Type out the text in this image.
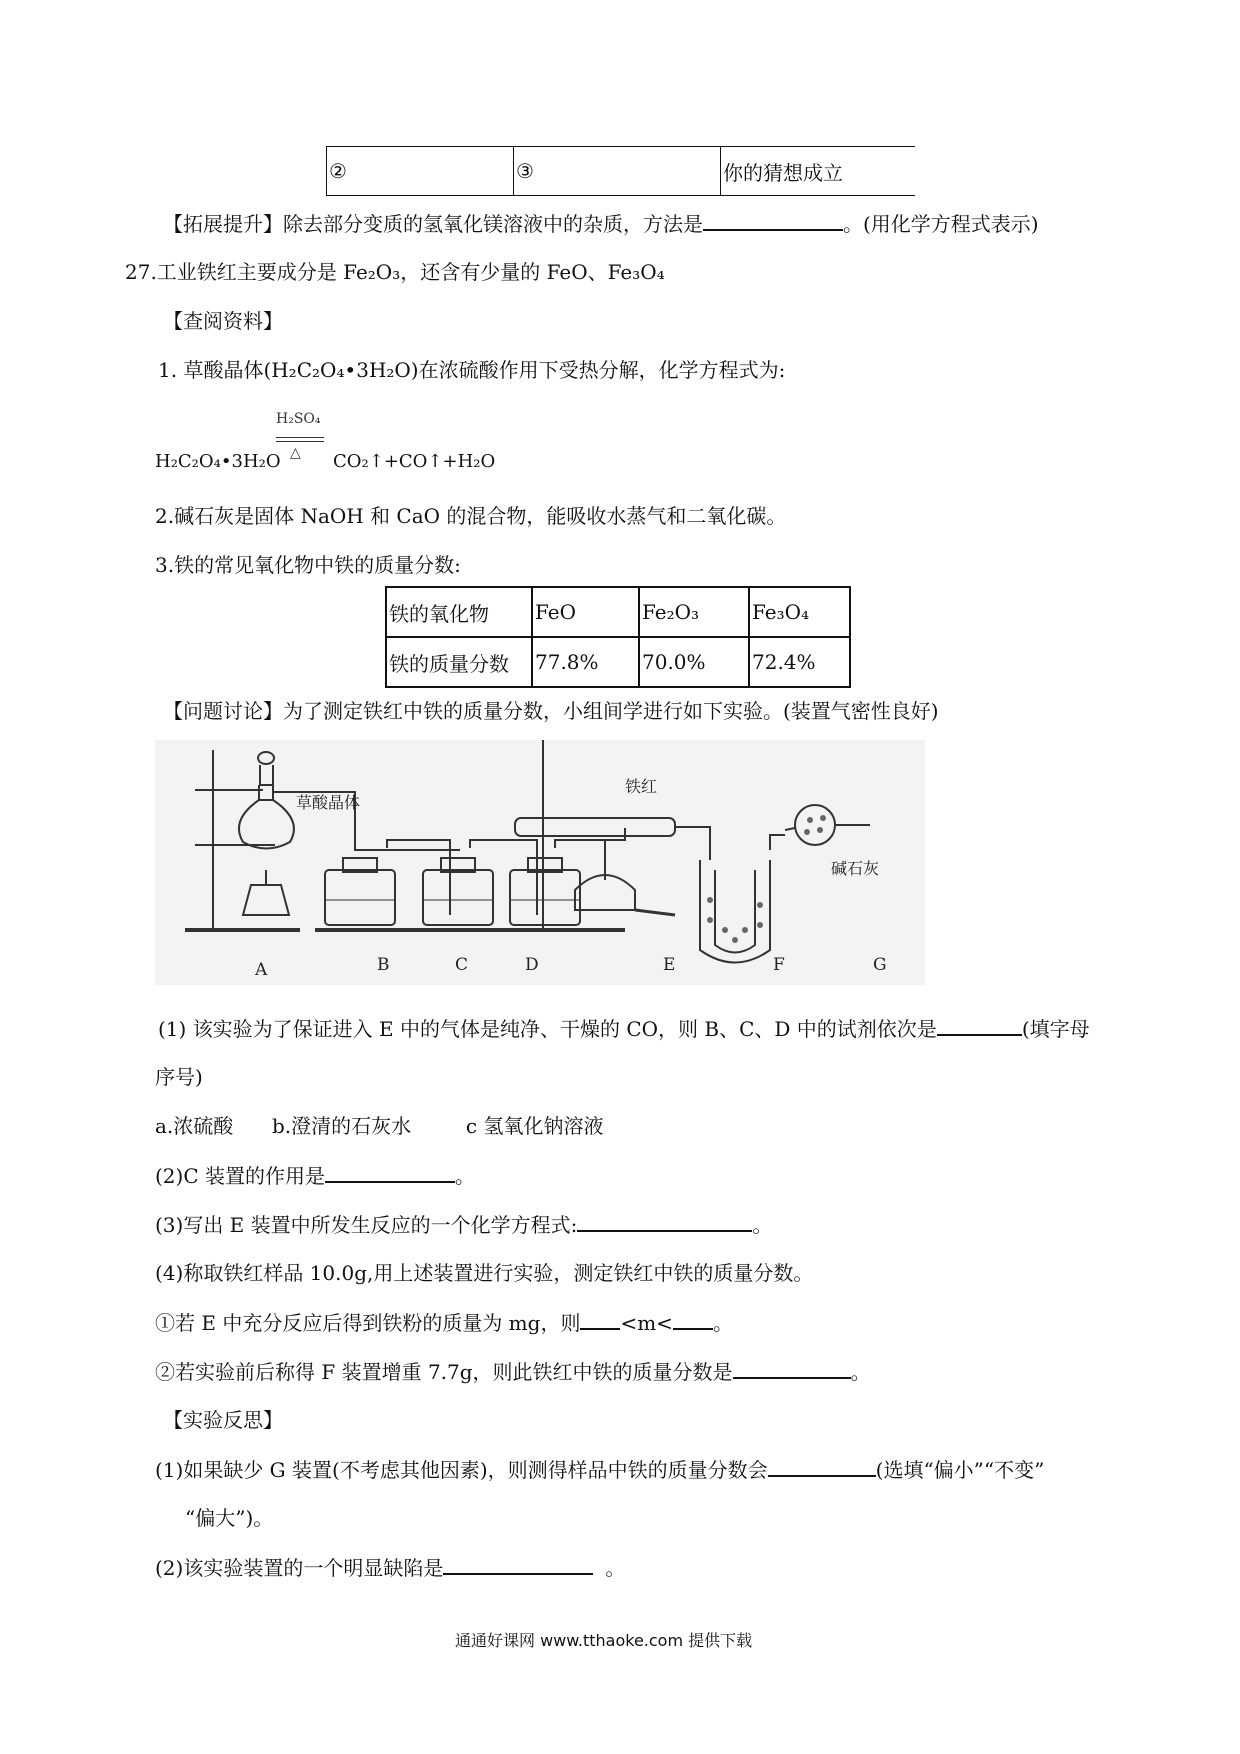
②	③	你的猜想成立
【拓展提升】除去部分变质的氢氧化镁溶液中的杂质，方法是	。(用化学方程式表示)
27.工业铁红主要成分是 Fe₂O₃，还含有少量的 FeO、Fe₃O₄
【查阅资料】
1. 草酸晶体(H₂C₂O₄•3H₂O)在浓硫酸作用下受热分解，化学方程式为:
H₂SO₄
△
H₂C₂O₄•3H₂O	CO₂↑+CO↑+H₂O
2.碱石灰是固体 NaOH 和 CaO 的混合物，能吸收水蒸气和二氧化碳。
3.铁的常见氧化物中铁的质量分数:
铁的氧化物	FeO	Fe₂O₃	Fe₃O₄
铁的质量分数	77.8%	70.0%	72.4%
【问题讨论】为了测定铁红中铁的质量分数，小组间学进行如下实验。(装置气密性良好)
草酸晶体
铁红
碱石灰
A	B	C	D	E	F	G
(1) 该实验为了保证进入 E 中的气体是纯净、干燥的 CO，则 B、C、D 中的试剂依次是	(填字母
序号)
a.浓硫酸 b.澄清的石灰水	c 氢氧化钠溶液
(2)C 装置的作用是	。
(3)写出 E 装置中所发生反应的一个化学方程式:	。
(4)称取铁红样品 10.0g,用上述装置进行实验，测定铁红中铁的质量分数。
①若 E 中充分反应后得到铁粉的质量为 mg，则 <m< 。
②若实验前后称得 F 装置增重 7.7g，则此铁红中铁的质量分数是	。
【实验反思】
(1)如果缺少 G 装置(不考虑其他因素)，则测得样品中铁的质量分数会	(选填“偏小”“不变”
“偏大”)。
(2)该实验装置的一个明显缺陷是	。
通通好课网 www.tthaoke.com 提供下载
